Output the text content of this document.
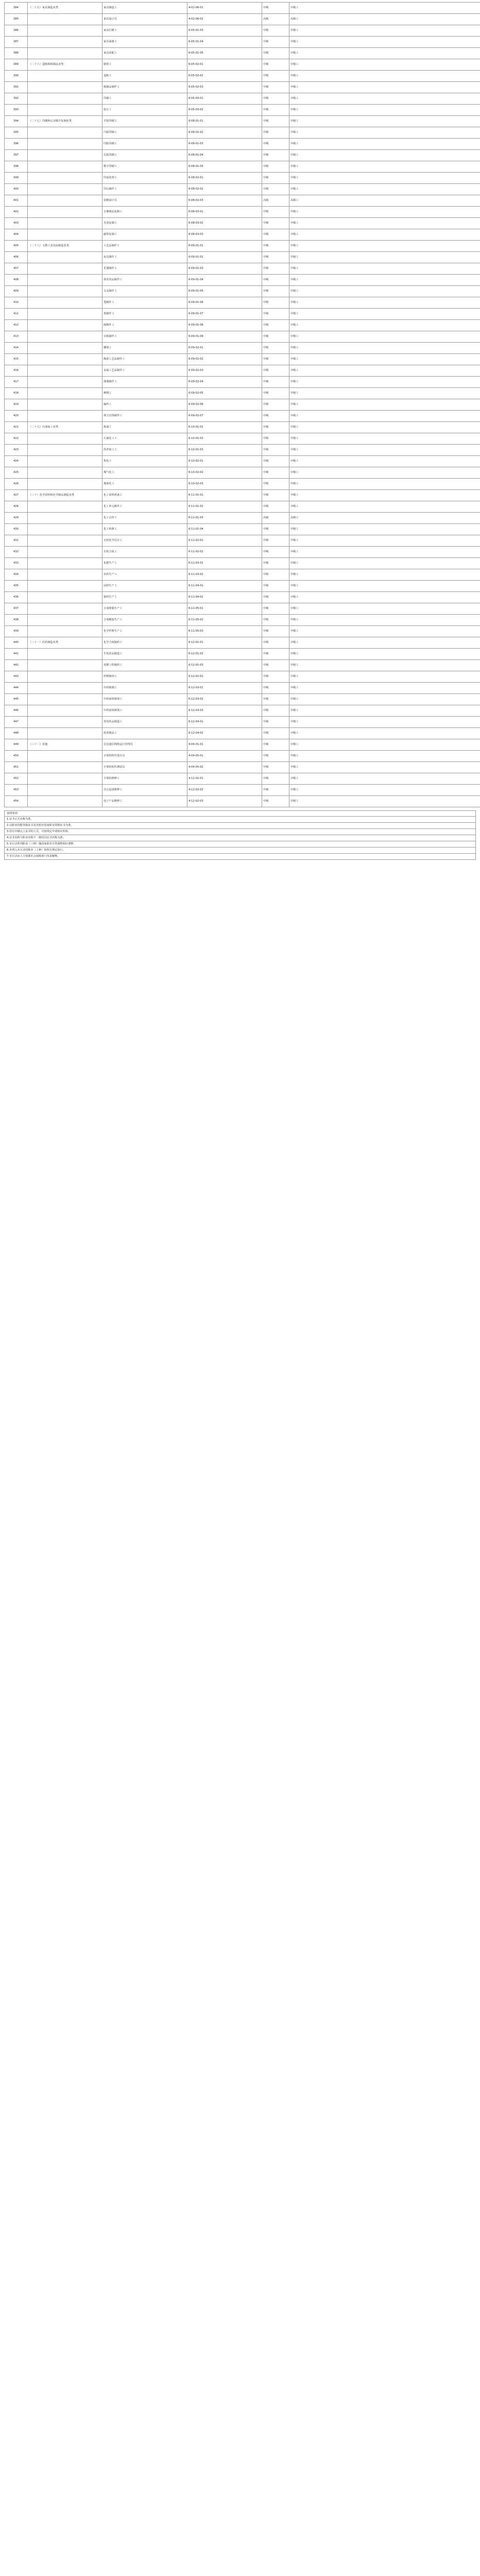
384	（二十五）家具制造业类	家具制造工	4-02-06-01	中级	中级工
385		家具设计员	4-02-06-02	高级	高级工
386		家具打磨工	6-05-01-03	中级	中级工
387		家具油漆工	6-05-01-04	中级	中级工
388		家具装配工	6-05-01-05	中级	中级工
389	（二十六）造纸和纸制品业类	制浆工	6-05-02-01	中级	中级工
390		造纸工	6-05-02-02	中级	中级工
391		纸制品制作工	6-05-02-03	中级	中级工
392		印刷工	6-05-03-01	中级	中级工
393		装订工	6-05-03-02	中级	中级工
394	（二十七）印刷和记录媒介复制业类	平版印刷工	6-08-01-01	中级	中级工
395		凸版印刷工	6-08-01-02	中级	中级工
396		凹版印刷工	6-08-01-03	中级	中级工
397		孔版印刷工	6-08-01-04	中级	中级工
398		数字印刷工	6-08-01-05	中级	中级工
399		印前处理工	6-08-02-01	中级	中级工
400		印后制作工	6-08-02-02	中级	中级工
401		装帧设计员	6-08-02-03	高级	高级工
402		音像制品复制工	6-08-03-01	中级	中级工
403		光盘复制工	6-08-03-02	中级	中级工
404		磁带复制工	6-08-03-03	中级	中级工
405	（二十八）文教工美用品制造业类	工艺品制作工	6-09-01-01	中级	中级工
406		玩具制作工	6-09-01-02	中级	中级工
407		乐器制作工	6-09-01-03	中级	中级工
408		体育用品制作工	6-09-01-04	中级	中级工
409		文具制作工	6-09-01-05	中级	中级工
410		笔制作工	6-09-01-06	中级	中级工
411		墨制作工	6-09-01-07	中级	中级工
412		砚制作工	6-09-01-08	中级	中级工
413		宣纸制作工	6-09-01-09	中级	中级工
414		雕刻工	6-09-02-01	中级	中级工
415		陶瓷工艺品制作工	6-09-02-02	中级	中级工
416		金属工艺品制作工	6-09-02-03	中级	中级工
417		漆器制作工	6-09-02-04	中级	中级工
418		刺绣工	6-09-02-05	中级	中级工
419		编织工	6-09-02-06	中级	中级工
420		珠宝首饰制作工	6-09-02-07	中级	中级工
421	（二十九）石油加工业类	炼油工	6-10-01-01	中级	中级工
422		石油化工工	6-10-01-02	中级	中级工
423		沥青加工工	6-10-01-03	中级	中级工
424		焦化工	6-10-02-01	中级	中级工
425		煤气化工	6-10-02-02	中级	中级工
426		煤液化工	6-10-02-03	中级	中级工
427	（三十）化学原料和化学制品制造业类	化工原料准备工	6-11-01-01	中级	中级工
428		化工单元操作工	6-11-01-02	中级	中级工
429		化工总控工	6-11-01-03	高级	高级工
430		化工检修工	6-11-01-04	中级	中级工
431		无机化学反应工	6-11-02-01	中级	中级工
432		有机合成工	6-11-02-02	中级	中级工
433		化肥生产工	6-11-03-01	中级	中级工
434		农药生产工	6-11-03-02	中级	中级工
435		涂料生产工	6-11-04-01	中级	中级工
436		染料生产工	6-11-04-02	中级	中级工
437		合成树脂生产工	6-11-05-01	中级	中级工
438		合成橡胶生产工	6-11-05-02	中级	中级工
439		化学纤维生产工	6-11-05-03	中级	中级工
440	（三十一）医药制造业类	化学合成制药工	6-12-01-01	中级	中级工
441		生化药品制造工	6-12-01-02	中级	中级工
442		发酵工程制药工	6-12-01-03	中级	中级工
443		药物制剂工	6-12-02-01	中级	中级工
444		中药炮制工	6-12-03-01	中级	中级工
445		中药液体制剂工	6-12-03-02	中级	中级工
446		中药固体制剂工	6-12-03-03	中级	中级工
447		兽用药品制造工	6-12-04-01	中级	中级工
448		疫苗制品工	6-12-04-02	中级	中级工
449	（三十二）其他	信息通信网络运行管理员	4-04-01-01	中级	中级工
450		计算机程序设计员	4-04-05-01	中级	中级工
451		计算机软件测试员	4-04-05-02	中级	中级工
452		计算机维修工	4-12-02-01	中级	中级工
453		办公设备维修工	4-12-02-02	中级	中级工
454		电子产品维修工	4-12-02-03	中级	中级工
说明事项：
1.证书正式名称为准。
2.以职业技能等级证书及其相应国家职业资格证书为准。
3.持有中级以上证书的人员，可按规定申请相应补贴。
4.证书名称与职业名称不一致时以证书名称为准。
5.本目录所列职业（工种）随国家职业分类调整相应调整。
6.未列入本目录的职业（工种）按相关规定执行。
7.本目录由人力资源社会保障部门负责解释。
